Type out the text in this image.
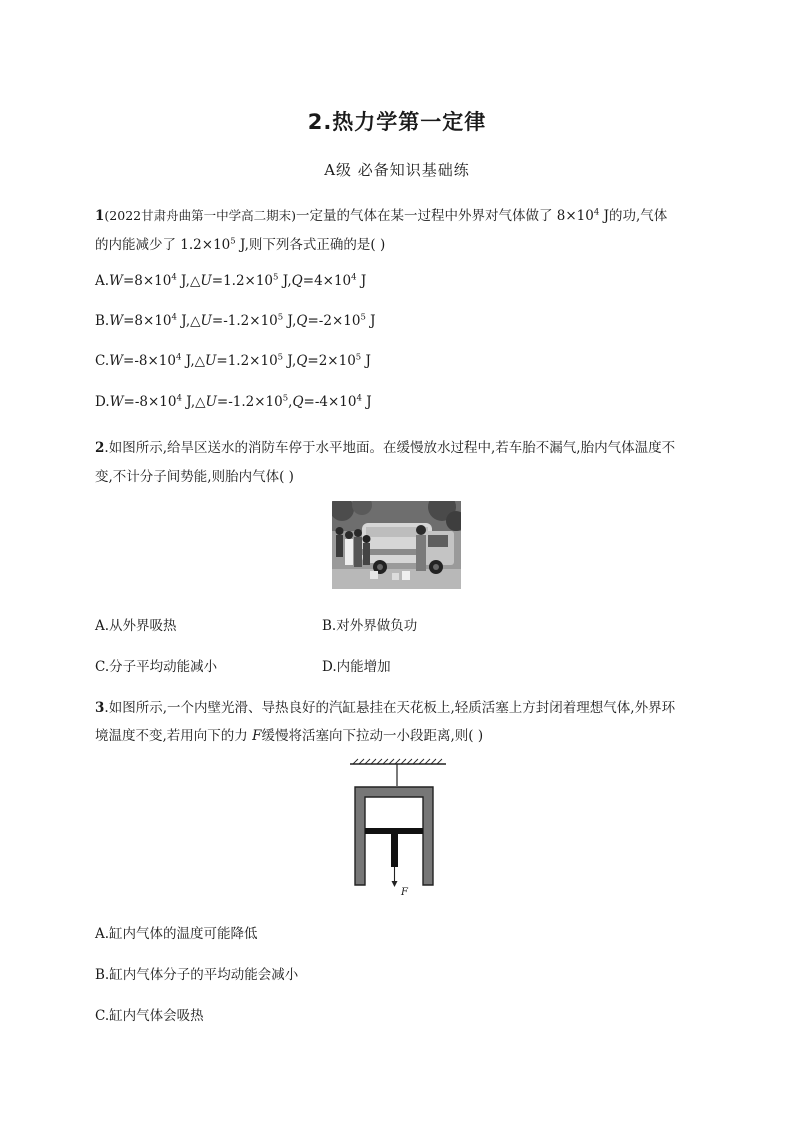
2.热力学第一定律
A级 必备知识基础练
1(2022甘肃舟曲第一中学高二期末)一定量的气体在某一过程中外界对气体做了 $8\times 10^4$ J的功,气体
的内能减少了 $1.2\times 10^5$ J,则下列各式正确的是( )
$A.W=8\times 10^4$ $J,\triangle U=1.2\times 10^5$ $J,Q=4\times 10^4$ J
$B.W=8\times 10^4$ $J,\triangle U=-1.2\times 10^5$ $J,Q=-2\times 10^5$ J
$C.W=-8\times 10^4$ $J,\triangle U=1.2\times 10^5$ $J,Q=2\times 10^5$ J
$D.W=-8\times 10^4$ $J,\triangle U=-1.2\times 10^5,Q=-4\times 10^4$ J
2.如图所示,给旱区送水的消防车停于水平地面。在缓慢放水过程中,若车胎不漏气,胎内气体温度不
变,不计分子间势能,则胎内气体( )
A.从外界吸热	B.对外界做负功
C.分子平均动能减小	D.内能增加
3.如图所示,一个内壁光滑、导热良好的汽缸悬挂在天花板上,轻质活塞上方封闭着理想气体,外界环
境温度不变,若用向下的力 F缓慢将活塞向下拉动一小段距离,则( )
F
A.缸内气体的温度可能降低
B.缸内气体分子的平均动能会减小
C.缸内气体会吸热
